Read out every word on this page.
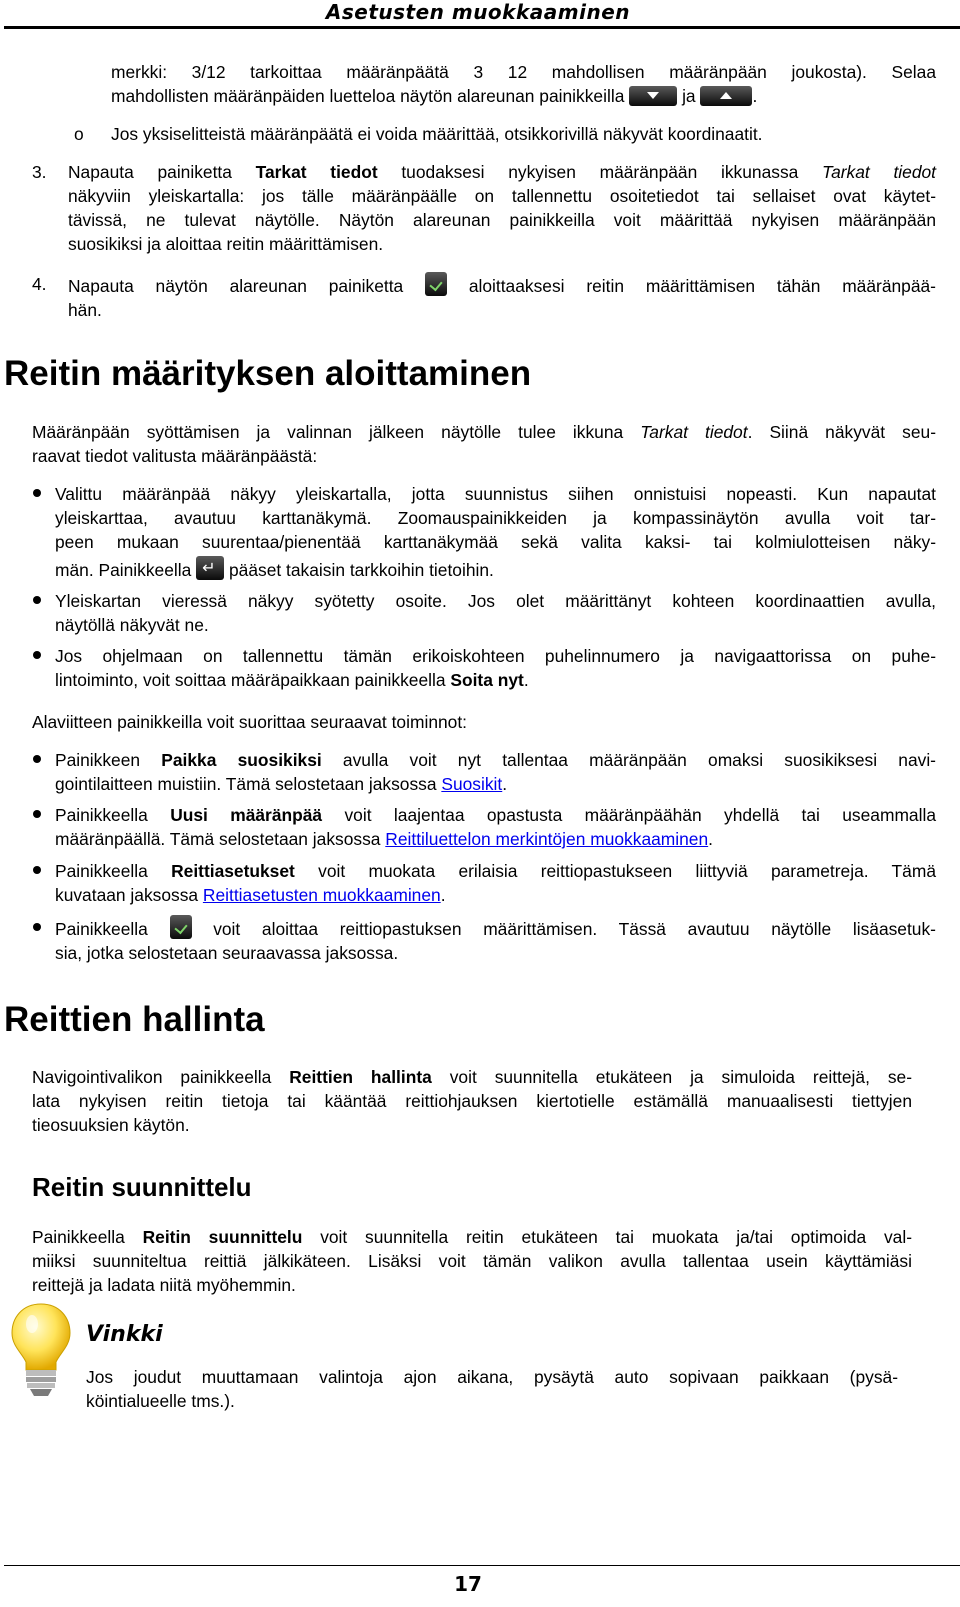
Asetusten muokkaaminen
merkki: 3/12 tarkoittaa määränpäätä 3 12 mahdollisen määränpään joukosta). Selaa
mahdollisten määränpäiden luetteloa näytön alareunan painikkeilla	ja	.
o Jos yksiselitteistä määränpäätä ei voida määrittää, otsikkorivillä näkyvät koordinaatit.
3. Napauta painiketta Tarkat tiedot tuodaksesi nykyisen määränpään ikkunassa Tarkat tiedot
näkyviin yleiskartalla: jos tälle määränpäälle on tallennettu osoitetiedot tai sellaiset ovat käytet-
tävissä, ne tulevat näytölle. Näytön alareunan painikkeilla voit määrittää nykyisen määränpään
suosikiksi ja aloittaa reitin määrittämisen.
4. Napauta näytön alareunan painiketta	aloittaaksesi reitin määrittämisen tähän määränpää-
hän.
Reitin määrityksen aloittaminen
Määränpään syöttämisen ja valinnan jälkeen näytölle tulee ikkuna Tarkat tiedot. Siinä näkyvät seu-
raavat tiedot valitusta määränpäästä:
Valittu määränpää näkyy yleiskartalla, jotta suunnistus siihen onnistuisi nopeasti. Kun napautat
yleiskarttaa, avautuu karttanäkymä. Zoomauspainikkeiden ja kompassinäytön avulla voit tar-
peen mukaan suurentaa/pienentää karttanäkymää sekä valita kaksi- tai kolmiulotteisen näky-
män. Painikkeella ↵ pääset takaisin tarkkoihin tietoihin.
Yleiskartan vieressä näkyy syötetty osoite. Jos olet määrittänyt kohteen koordinaattien avulla,
näytöllä näkyvät ne.
Jos ohjelmaan on tallennettu tämän erikoiskohteen puhelinnumero ja navigaattorissa on puhe-
lintoiminto, voit soittaa määräpaikkaan painikkeella Soita nyt.
Alaviitteen painikkeilla voit suorittaa seuraavat toiminnot:
Painikkeen Paikka suosikiksi avulla voit nyt tallentaa määränpään omaksi suosikiksesi navi-
gointilaitteen muistiin. Tämä selostetaan jaksossa Suosikit.
Painikkeella Uusi määränpää voit laajentaa opastusta määränpäähän yhdellä tai useammalla
määränpäällä. Tämä selostetaan jaksossa Reittiluettelon merkintöjen muokkaaminen.
Painikkeella Reittiasetukset voit muokata erilaisia reittiopastukseen liittyviä parametreja. Tämä
kuvataan jaksossa Reittiasetusten muokkaaminen.
Painikkeella	voit aloittaa reittiopastuksen määrittämisen. Tässä avautuu näytölle lisäasetuk-
sia, jotka selostetaan seuraavassa jaksossa.
Reittien hallinta
Navigointivalikon painikkeella Reittien hallinta voit suunnitella etukäteen ja simuloida reittejä, se-
lata nykyisen reitin tietoja tai kääntää reittiohjauksen kiertotielle estämällä manuaalisesti tiettyjen
tieosuuksien käytön.
Reitin suunnittelu
Painikkeella Reitin suunnittelu voit suunnitella reitin etukäteen tai muokata ja/tai optimoida val-
miiksi suunniteltua reittiä jälkikäteen. Lisäksi voit tämän valikon avulla tallentaa usein käyttämiäsi
reittejä ja ladata niitä myöhemmin.
Vinkki
Jos joudut muuttamaan valintoja ajon aikana, pysäytä auto sopivaan paikkaan (pysä-
köintialueelle tms.).
17
